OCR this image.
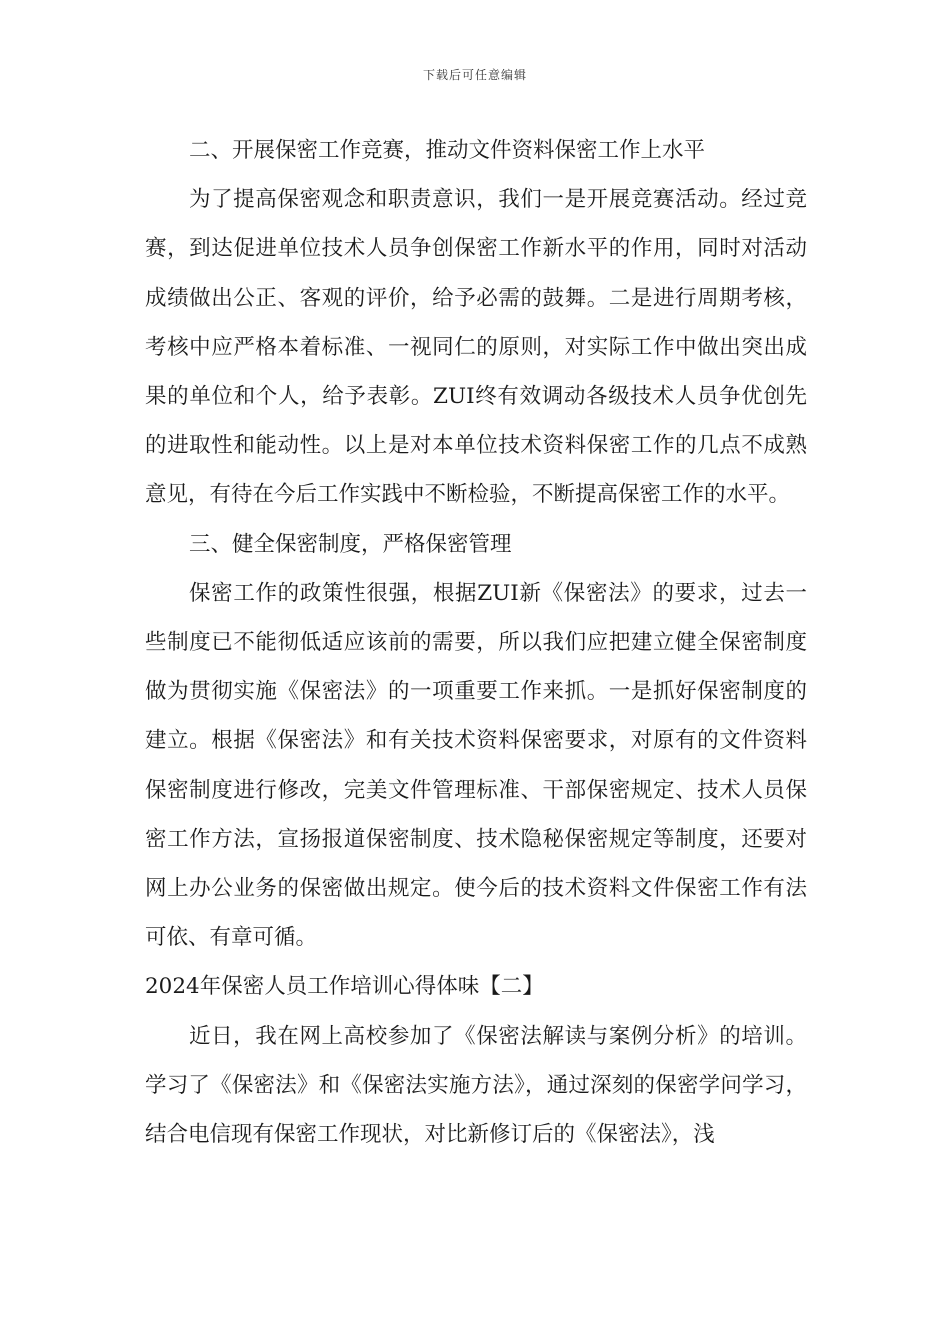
下载后可任意编辑

二、开展保密工作竞赛，推动文件资料保密工作上水平

为了提高保密观念和职责意识，我们一是开展竞赛活动。经过竞赛，到达促进单位技术人员争创保密工作新水平的作用，同时对活动成绩做出公正、客观的评价，给予必需的鼓舞。二是进行周期考核，考核中应严格本着标准、一视同仁的原则，对实际工作中做出突出成果的单位和个人，给予表彰。ZUI终有效调动各级技术人员争优创先的进取性和能动性。以上是对本单位技术资料保密工作的几点不成熟意见，有待在今后工作实践中不断检验，不断提高保密工作的水平。

三、健全保密制度，严格保密管理

保密工作的政策性很强，根据ZUI新《保密法》的要求，过去一些制度已不能彻低适应该前的需要，所以我们应把建立健全保密制度做为贯彻实施《保密法》的一项重要工作来抓。一是抓好保密制度的建立。根据《保密法》和有关技术资料保密要求，对原有的文件资料保密制度进行修改，完美文件管理标准、干部保密规定、技术人员保密工作方法，宣扬报道保密制度、技术隐秘保密规定等制度，还要对网上办公业务的保密做出规定。使今后的技术资料文件保密工作有法可依、有章可循。

2024年保密人员工作培训心得体味【二】

近日，我在网上高校参加了《保密法解读与案例分析》的培训。学习了《保密法》和《保密法实施方法》，通过深刻的保密学问学习，结合电信现有保密工作现状，对比新修订后的《保密法》，浅
